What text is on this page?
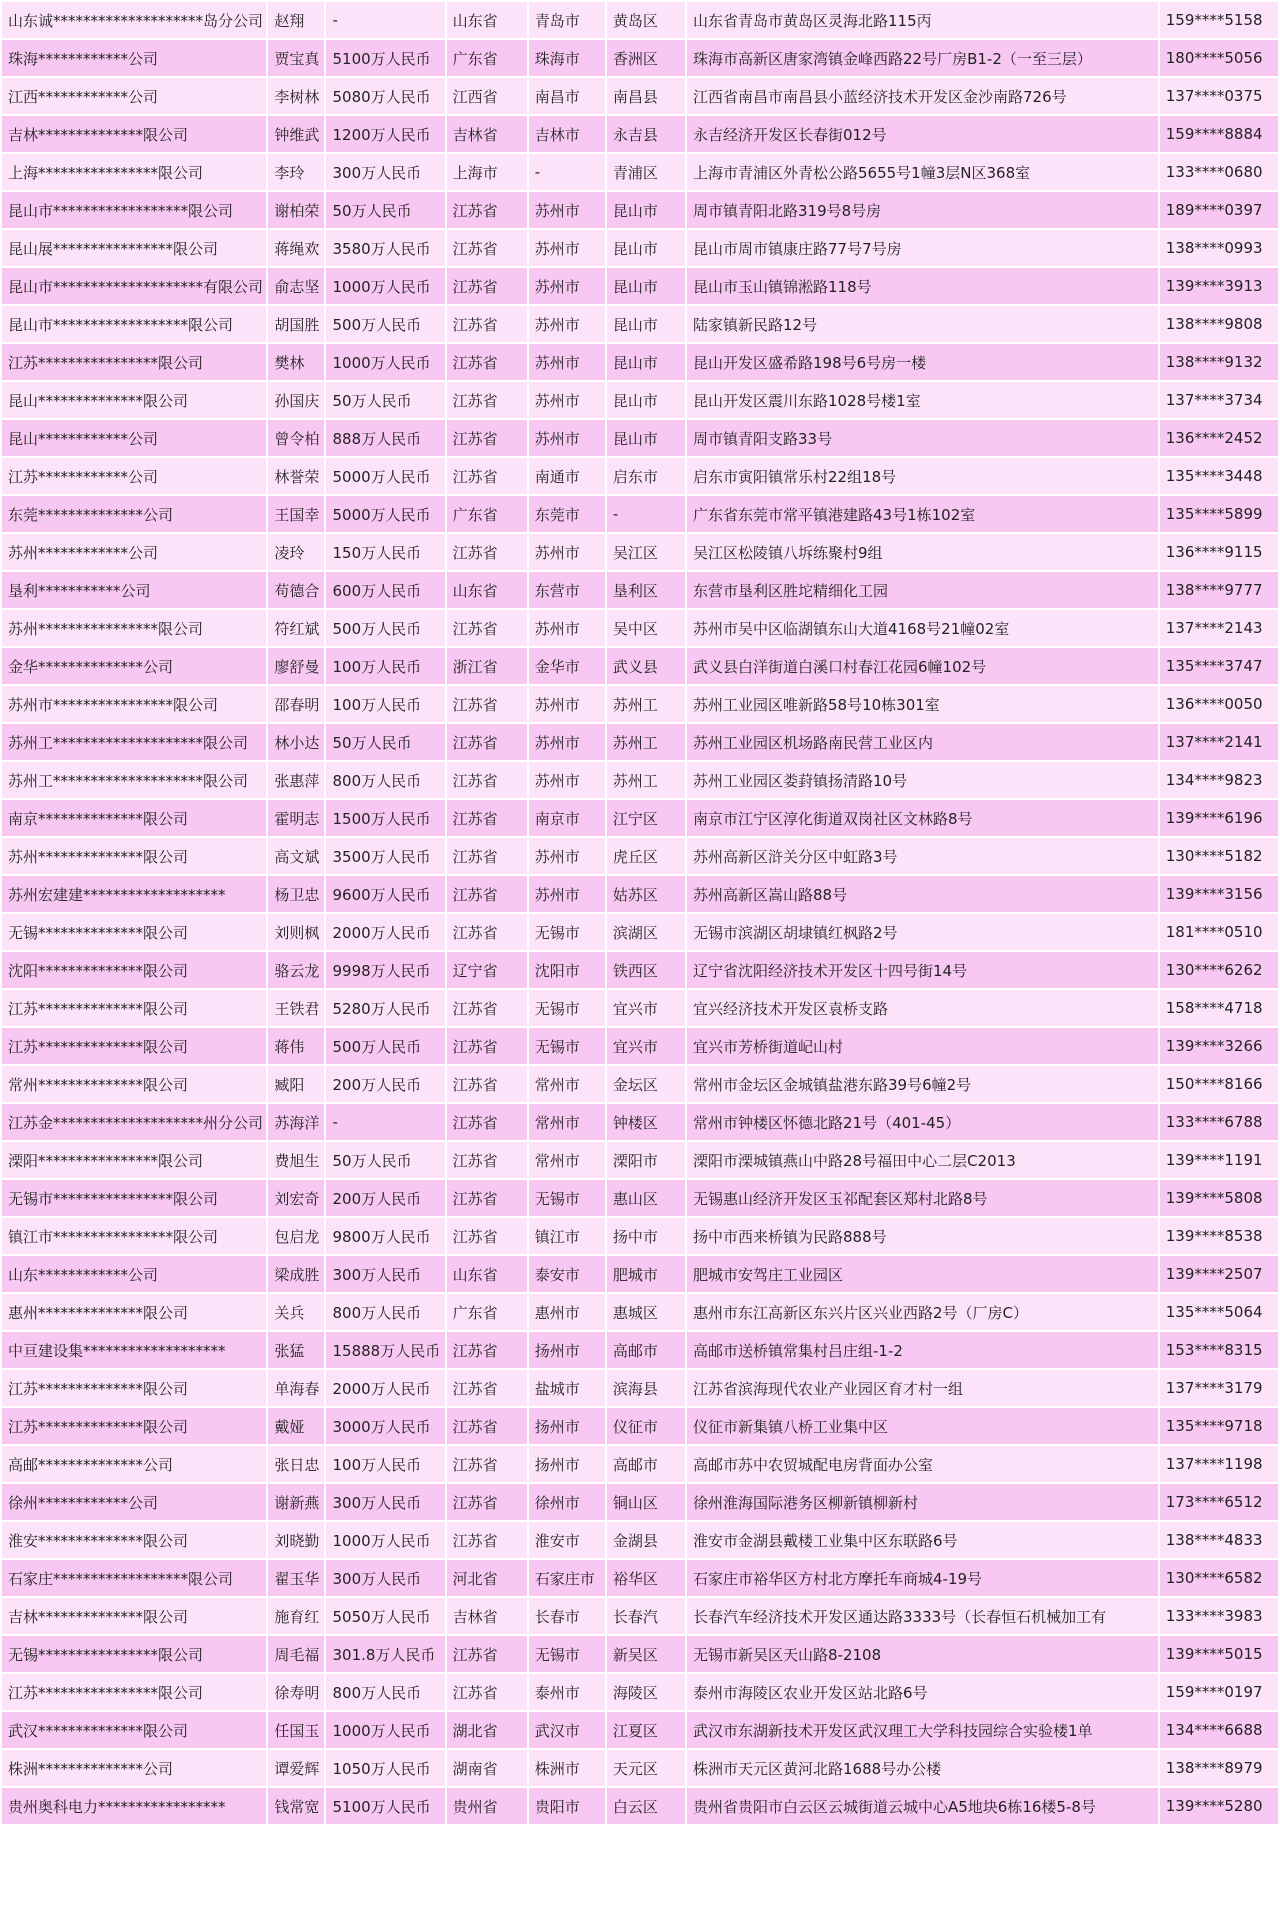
山东诚********************岛分公司	赵翔	-	山东省	青岛市	黄岛区	山东省青岛市黄岛区灵海北路115丙	159****5158
珠海************公司	贾宝真	5100万人民币	广东省	珠海市	香洲区	珠海市高新区唐家湾镇金峰西路22号厂房B1-2（一至三层）	180****5056
江西************公司	李树林	5080万人民币	江西省	南昌市	南昌县	江西省南昌市南昌县小蓝经济技术开发区金沙南路726号	137****0375
吉林**************限公司	钟维武	1200万人民币	吉林省	吉林市	永吉县	永吉经济开发区长春街012号	159****8884
上海****************限公司	李玲	300万人民币	上海市	-	青浦区	上海市青浦区外青松公路5655号1幢3层N区368室	133****0680
昆山市******************限公司	谢柏荣	50万人民币	江苏省	苏州市	昆山市	周市镇青阳北路319号8号房	189****0397
昆山展****************限公司	蒋绳欢	3580万人民币	江苏省	苏州市	昆山市	昆山市周市镇康庄路77号7号房	138****0993
昆山市********************有限公司	俞志坚	1000万人民币	江苏省	苏州市	昆山市	昆山市玉山镇锦淞路118号	139****3913
昆山市******************限公司	胡国胜	500万人民币	江苏省	苏州市	昆山市	陆家镇新民路12号	138****9808
江苏****************限公司	樊林	1000万人民币	江苏省	苏州市	昆山市	昆山开发区盛希路198号6号房一楼	138****9132
昆山**************限公司	孙国庆	50万人民币	江苏省	苏州市	昆山市	昆山开发区震川东路1028号楼1室	137****3734
昆山************公司	曾令柏	888万人民币	江苏省	苏州市	昆山市	周市镇青阳支路33号	136****2452
江苏************公司	林誉荣	5000万人民币	江苏省	南通市	启东市	启东市寅阳镇常乐村22组18号	135****3448
东莞**************公司	王国幸	5000万人民币	广东省	东莞市	-	广东省东莞市常平镇港建路43号1栋102室	135****5899
苏州************公司	凌玲	150万人民币	江苏省	苏州市	吴江区	吴江区松陵镇八坼练聚村9组	136****9115
垦利***********公司	苟德合	600万人民币	山东省	东营市	垦利区	东营市垦利区胜坨精细化工园	138****9777
苏州****************限公司	符红斌	500万人民币	江苏省	苏州市	吴中区	苏州市吴中区临湖镇东山大道4168号21幢02室	137****2143
金华**************公司	廖舒曼	100万人民币	浙江省	金华市	武义县	武义县白洋街道白溪口村春江花园6幢102号	135****3747
苏州市****************限公司	邵春明	100万人民币	江苏省	苏州市	苏州工	苏州工业园区唯新路58号10栋301室	136****0050
苏州工********************限公司	林小达	50万人民币	江苏省	苏州市	苏州工	苏州工业园区机场路南民营工业区内	137****2141
苏州工********************限公司	张惠萍	800万人民币	江苏省	苏州市	苏州工	苏州工业园区娄葑镇扬清路10号	134****9823
南京**************限公司	霍明志	1500万人民币	江苏省	南京市	江宁区	南京市江宁区淳化街道双岗社区文林路8号	139****6196
苏州**************限公司	高文斌	3500万人民币	江苏省	苏州市	虎丘区	苏州高新区浒关分区中虹路3号	130****5182
苏州宏建建*******************	杨卫忠	9600万人民币	江苏省	苏州市	姑苏区	苏州高新区嵩山路88号	139****3156
无锡**************限公司	刘则枫	2000万人民币	江苏省	无锡市	滨湖区	无锡市滨湖区胡埭镇红枫路2号	181****0510
沈阳**************限公司	骆云龙	9998万人民币	辽宁省	沈阳市	铁西区	辽宁省沈阳经济技术开发区十四号街14号	130****6262
江苏**************限公司	王铁君	5280万人民币	江苏省	无锡市	宜兴市	宜兴经济技术开发区袁桥支路	158****4718
江苏**************限公司	蒋伟	500万人民币	江苏省	无锡市	宜兴市	宜兴市芳桥街道屺山村	139****3266
常州**************限公司	臧阳	200万人民币	江苏省	常州市	金坛区	常州市金坛区金城镇盐港东路39号6幢2号	150****8166
江苏金********************州分公司	苏海洋	-	江苏省	常州市	钟楼区	常州市钟楼区怀德北路21号（401-45）	133****6788
溧阳****************限公司	费旭生	50万人民币	江苏省	常州市	溧阳市	溧阳市溧城镇燕山中路28号福田中心二层C2013	139****1191
无锡市****************限公司	刘宏奇	200万人民币	江苏省	无锡市	惠山区	无锡惠山经济开发区玉祁配套区郑村北路8号	139****5808
镇江市****************限公司	包启龙	9800万人民币	江苏省	镇江市	扬中市	扬中市西来桥镇为民路888号	139****8538
山东************公司	梁成胜	300万人民币	山东省	泰安市	肥城市	肥城市安驾庄工业园区	139****2507
惠州**************限公司	关兵	800万人民币	广东省	惠州市	惠城区	惠州市东江高新区东兴片区兴业西路2号（厂房C）	135****5064
中亘建设集*******************	张猛	15888万人民币	江苏省	扬州市	高邮市	高邮市送桥镇常集村吕庄组-1-2	153****8315
江苏**************限公司	单海春	2000万人民币	江苏省	盐城市	滨海县	江苏省滨海现代农业产业园区育才村一组	137****3179
江苏**************限公司	戴娅	3000万人民币	江苏省	扬州市	仪征市	仪征市新集镇八桥工业集中区	135****9718
高邮**************公司	张日忠	100万人民币	江苏省	扬州市	高邮市	高邮市苏中农贸城配电房背面办公室	137****1198
徐州************公司	谢新燕	300万人民币	江苏省	徐州市	铜山区	徐州淮海国际港务区柳新镇柳新村	173****6512
淮安**************限公司	刘晓勤	1000万人民币	江苏省	淮安市	金湖县	淮安市金湖县戴楼工业集中区东联路6号	138****4833
石家庄******************限公司	翟玉华	300万人民币	河北省	石家庄市	裕华区	石家庄市裕华区方村北方摩托车商城4-19号	130****6582
吉林**************限公司	施育红	5050万人民币	吉林省	长春市	长春汽	长春汽车经济技术开发区通达路3333号（长春恒石机械加工有	133****3983
无锡****************限公司	周毛福	301.8万人民币	江苏省	无锡市	新吴区	无锡市新吴区天山路8-2108	139****5015
江苏****************限公司	徐寿明	800万人民币	江苏省	泰州市	海陵区	泰州市海陵区农业开发区站北路6号	159****0197
武汉**************限公司	任国玉	1000万人民币	湖北省	武汉市	江夏区	武汉市东湖新技术开发区武汉理工大学科技园综合实验楼1单	134****6688
株洲**************公司	谭爱辉	1050万人民币	湖南省	株洲市	天元区	株洲市天元区黄河北路1688号办公楼	138****8979
贵州奥科电力*****************	钱常宽	5100万人民币	贵州省	贵阳市	白云区	贵州省贵阳市白云区云城街道云城中心A5地块6栋16楼5-8号	139****5280
